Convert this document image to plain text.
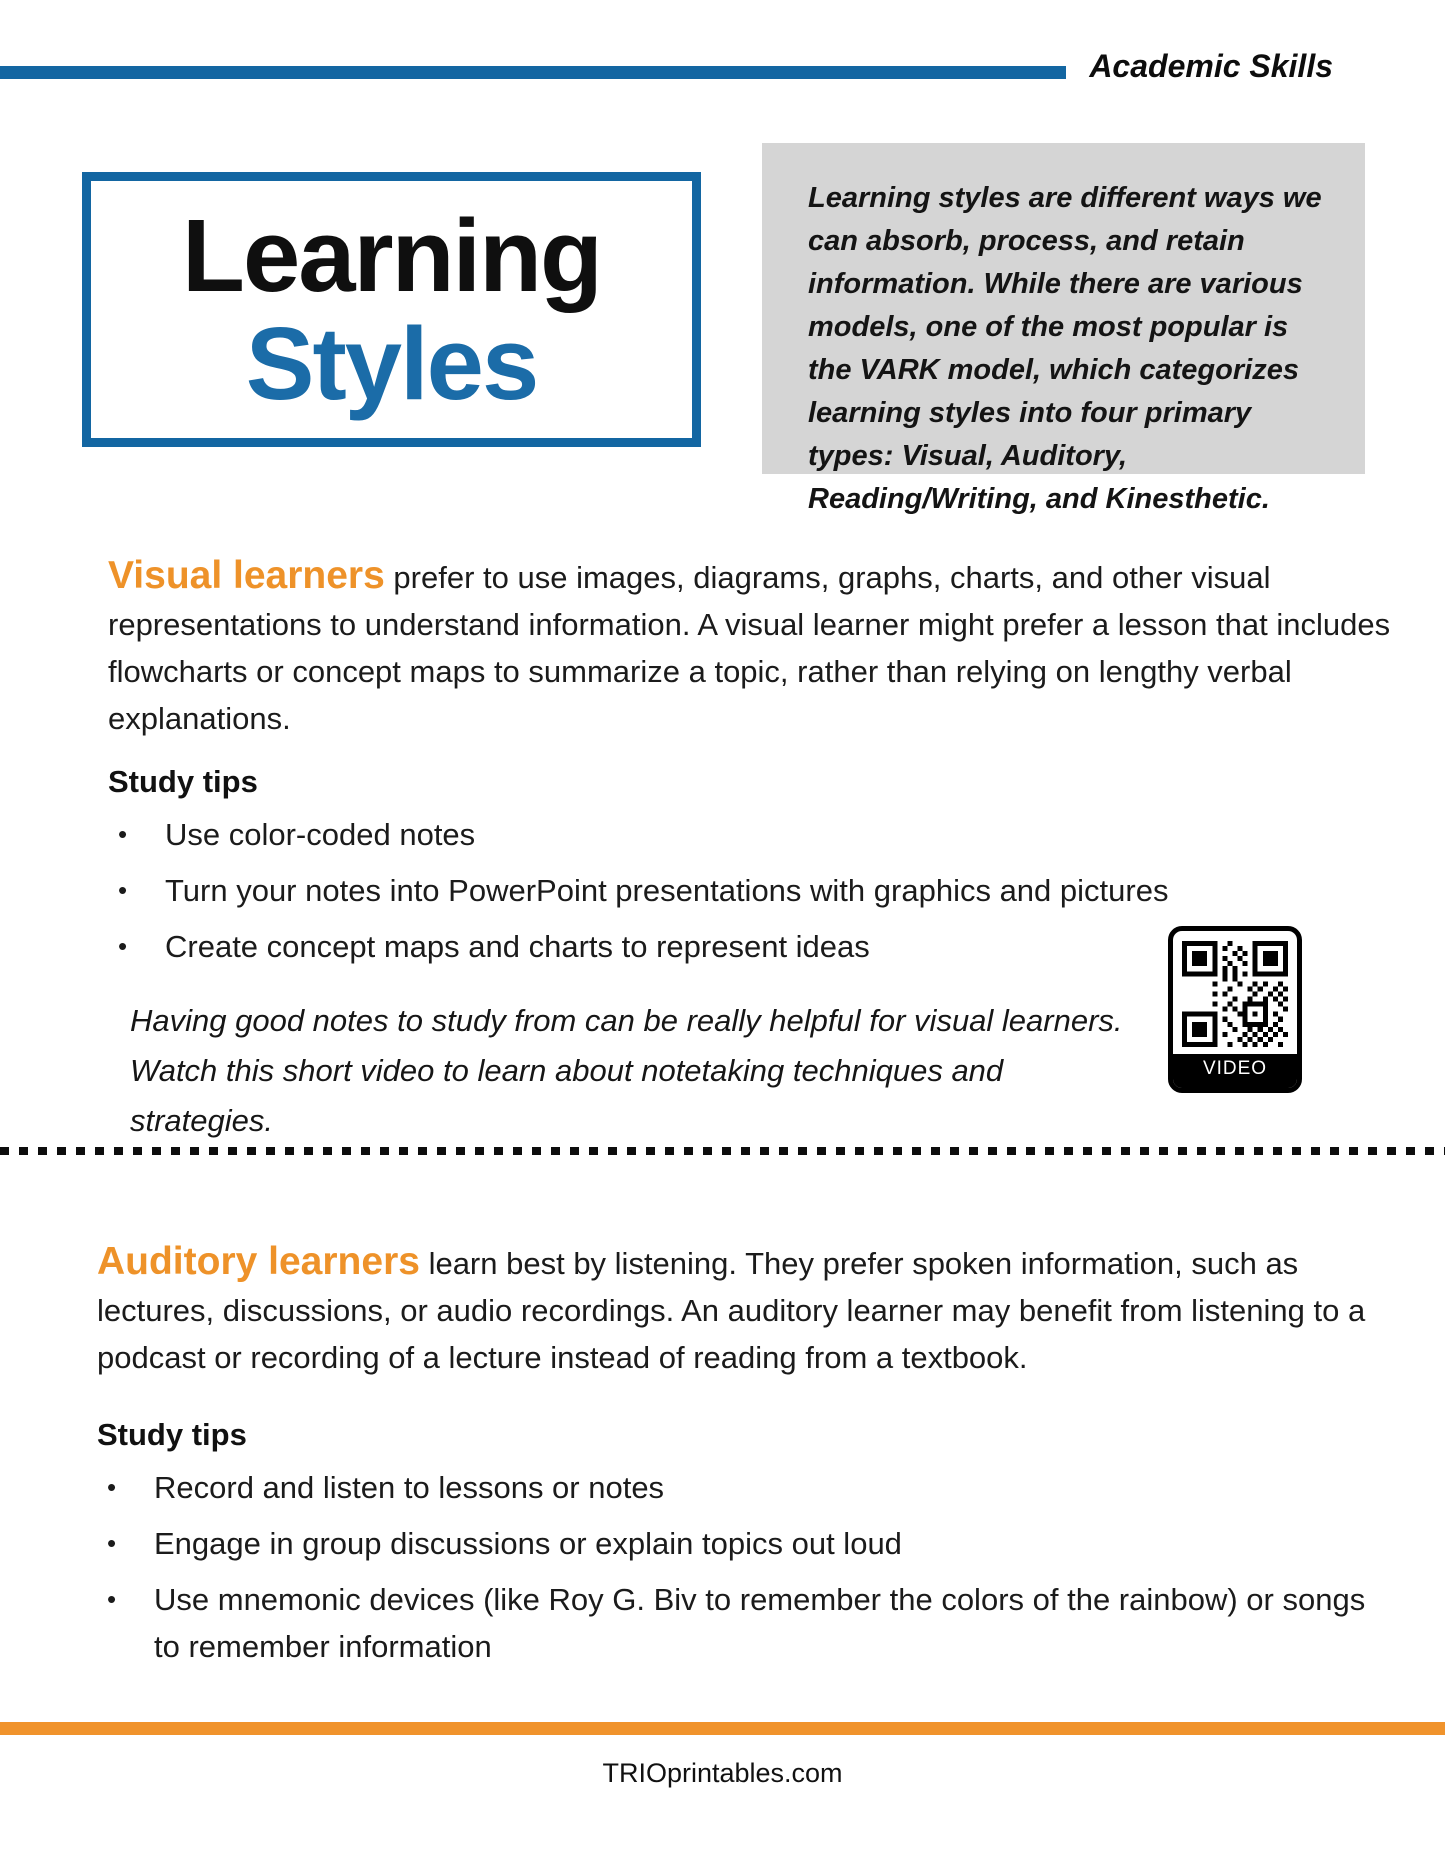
Academic Skills
Learning
Styles
Learning styles are different ways we can absorb, process, and retain information. While there are various models, one of the most popular is the VARK model, which categorizes learning styles into four primary types: Visual, Auditory, Reading/Writing, and Kinesthetic.

Visual learners prefer to use images, diagrams, graphs, charts, and other visual representations to understand information. A visual learner might prefer a lesson that includes flowcharts or concept maps to summarize a topic, rather than relying on lengthy verbal explanations.

Study tips
• Use color-coded notes
• Turn your notes into PowerPoint presentations with graphics and pictures
• Create concept maps and charts to represent ideas
Having good notes to study from can be really helpful for visual learners. Watch this short video to learn about notetaking techniques and strategies.
VIDEO

Auditory learners learn best by listening. They prefer spoken information, such as lectures, discussions, or audio recordings. An auditory learner may benefit from listening to a podcast or recording of a lecture instead of reading from a textbook.

Study tips
• Record and listen to lessons or notes
• Engage in group discussions or explain topics out loud
• Use mnemonic devices (like Roy G. Biv to remember the colors of the rainbow) or songs to remember information
TRIOprintables.com
